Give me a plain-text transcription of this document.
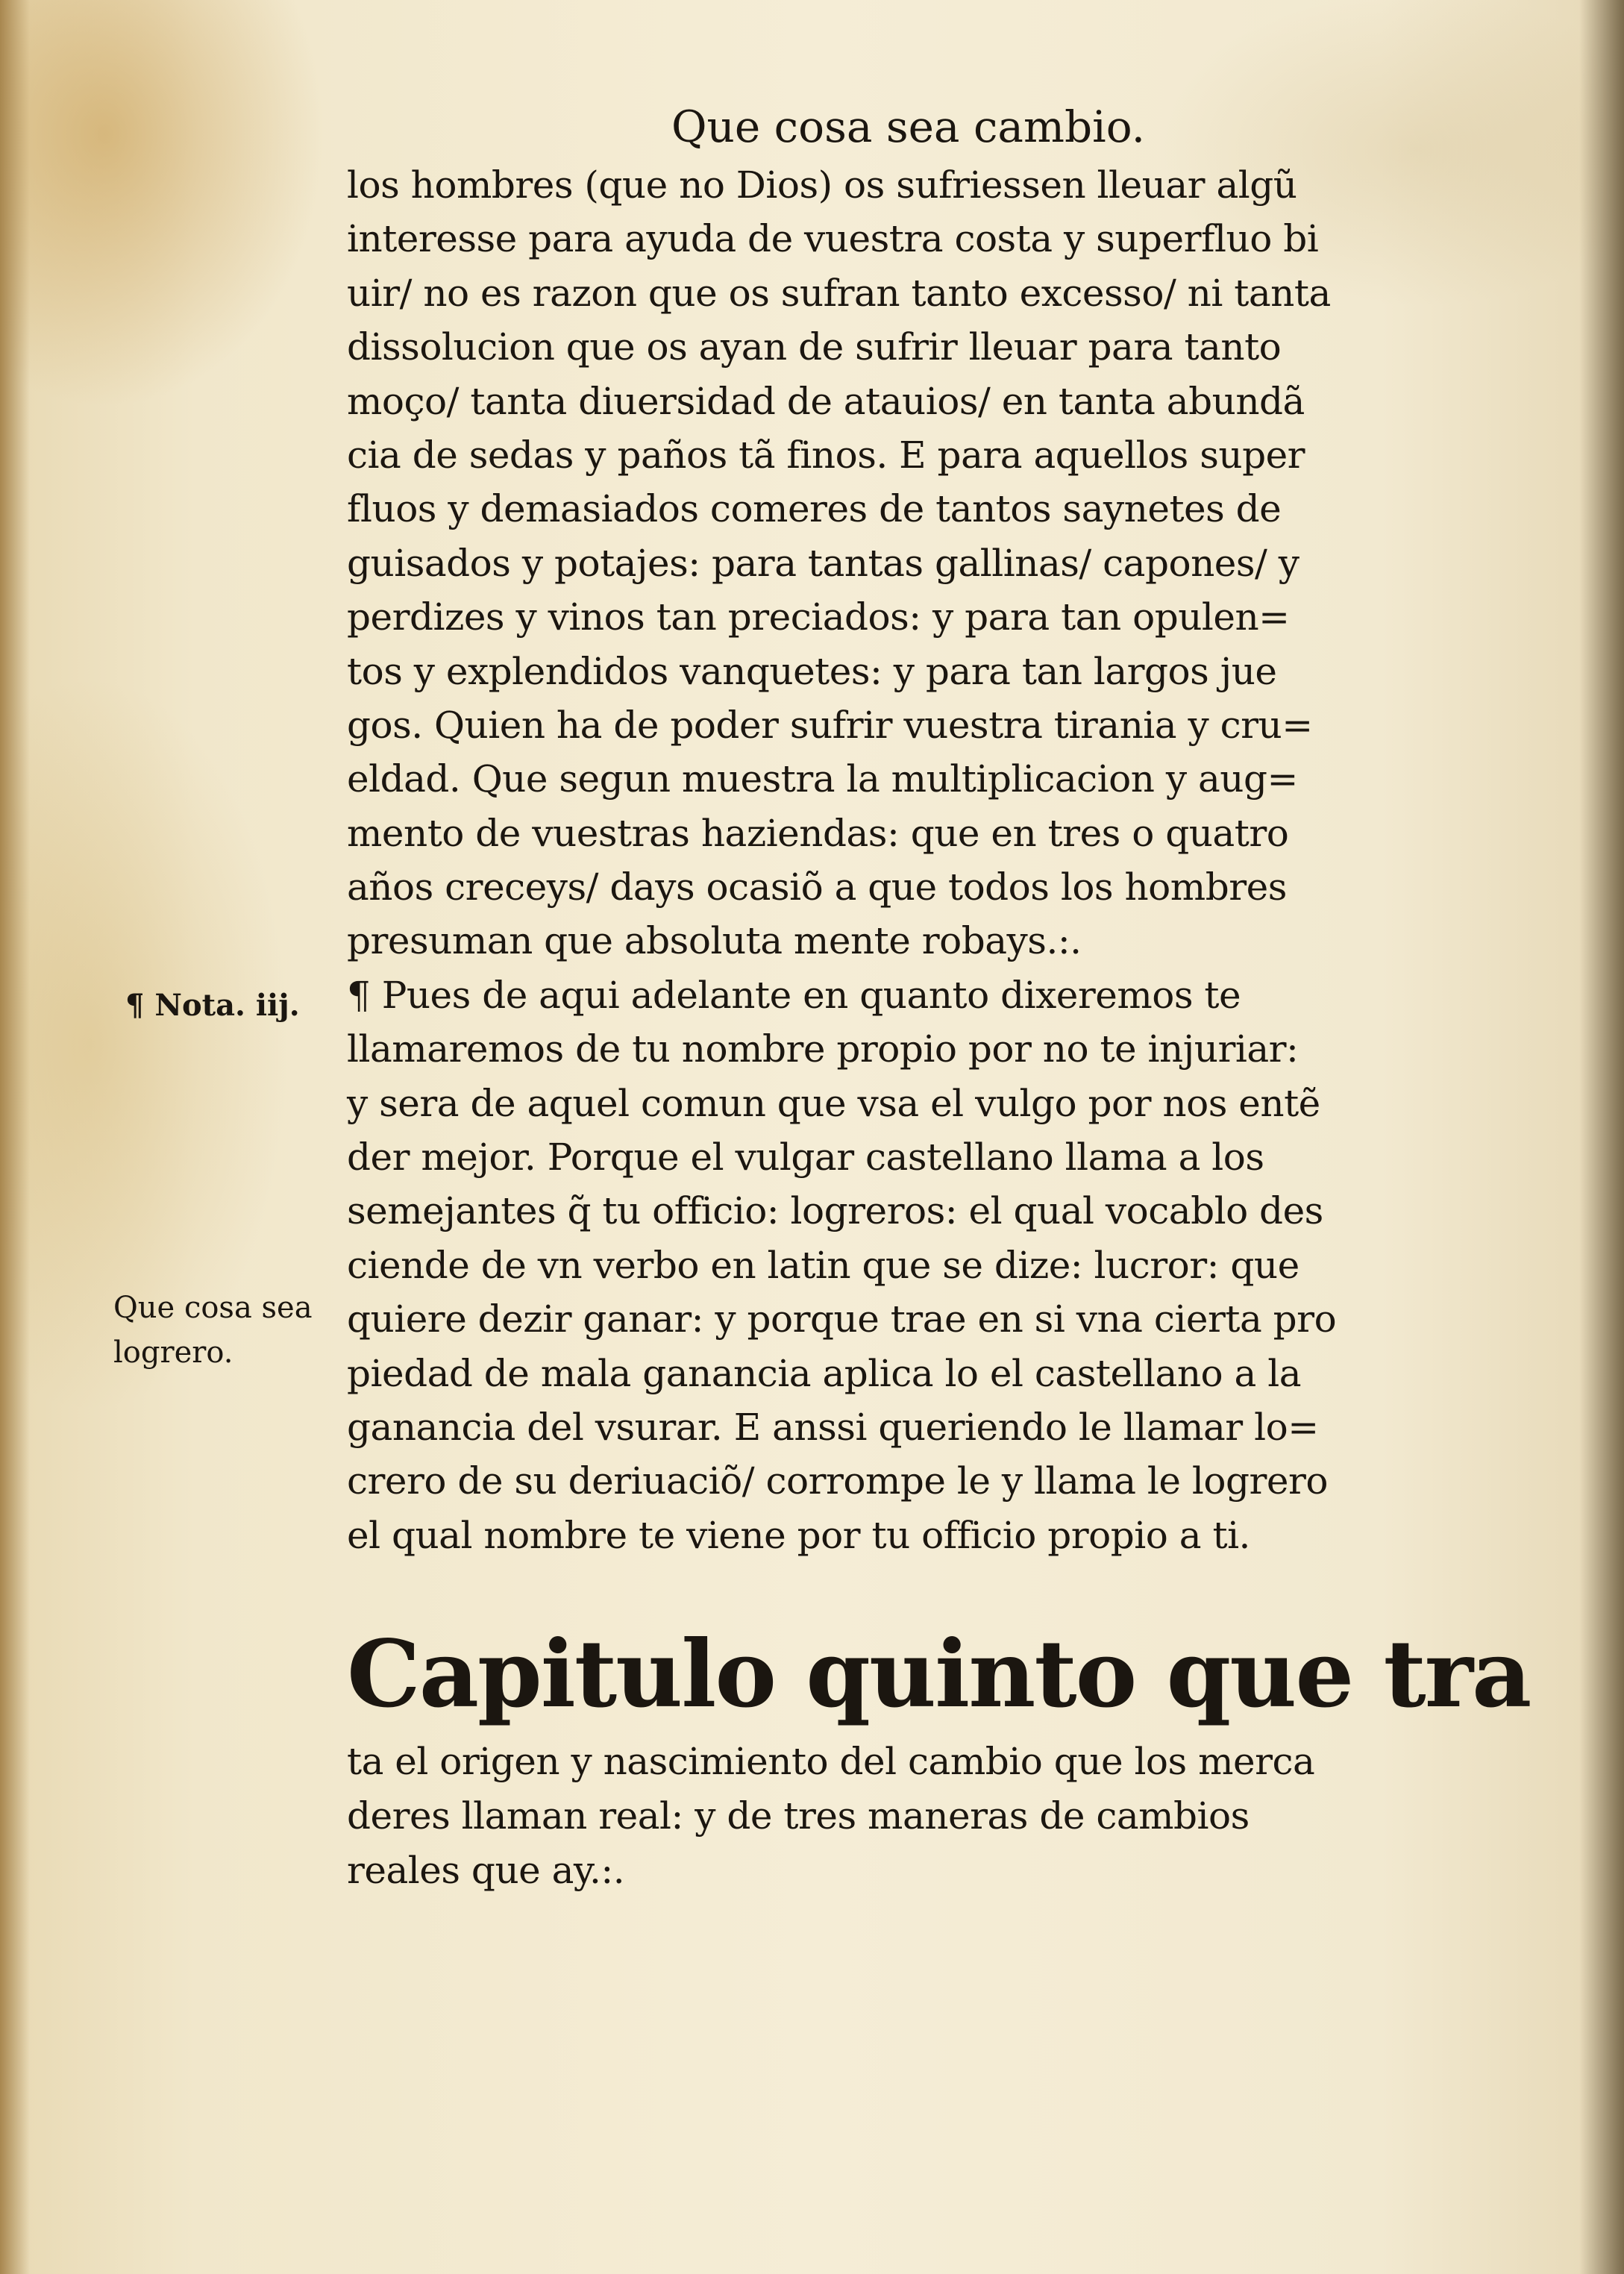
Que cosa sea cambio.
los hombres (que no Dios) os sufriessen lleuar algũ
interesse para ayuda de vuestra costa y superfluo bi
uir/ no es razon que os sufran tanto excesso/ ni tanta
dissolucion que os ayan de sufrir lleuar para tanto
moço/ tanta diuersidad de atauios/ en tanta abundã
cia de sedas y paños tã finos. E para aquellos super
fluos y demasiados comeres de tantos saynetes de
guisados y potajes: para tantas gallinas/ capones/ y
perdizes y vinos tan preciados: y para tan opulen=
tos y explendidos vanquetes: y para tan largos jue
gos. Quien ha de poder sufrir vuestra tirania y cru=
eldad. Que segun muestra la multiplicacion y aug=
mento de vuestras haziendas: que en tres o quatro
años creceys/ days ocasiõ a que todos los hombres
presuman que absoluta mente robays.:.
¶ Pues de aqui adelante en quanto dixeremos te
llamaremos de tu nombre propio por no te injuriar:
y sera de aquel comun que vsa el vulgo por nos entẽ
der mejor. Porque el vulgar castellano llama a los
semejantes q̃ tu officio: logreros: el qual vocablo des
ciende de vn verbo en latin que se dize: lucror: que
quiere dezir ganar: y porque trae en si vna cierta pro
piedad de mala ganancia aplica lo el castellano a la
ganancia del vsurar. E anssi queriendo le llamar lo=
crero de su deriuaciõ/ corrompe le y llama le logrero
el qual nombre te viene por tu officio propio a ti.
¶ Nota. iij.
Que cosa sea
logrero.
Capitulo quinto que tra
ta el origen y nascimiento del cambio que los merca
deres llaman real: y de tres maneras de cambios
reales que ay.:.
